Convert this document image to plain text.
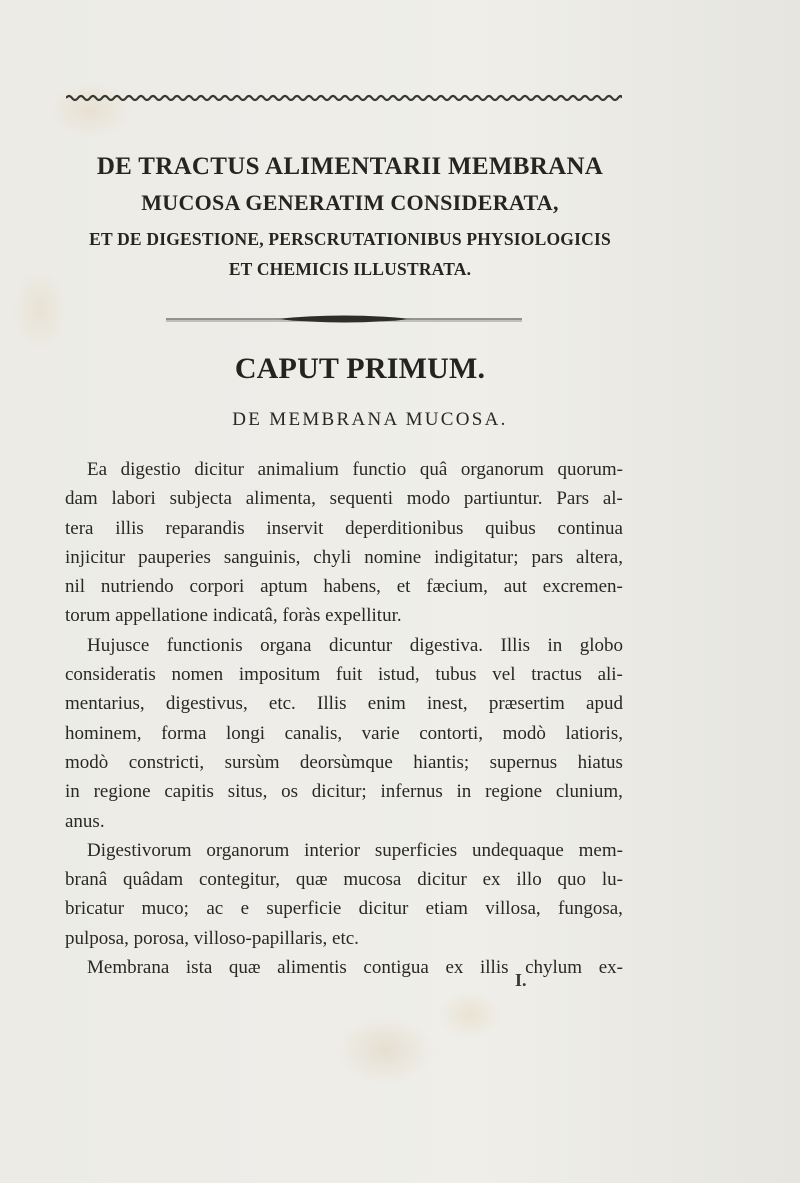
DE TRACTUS ALIMENTARII MEMBRANA
MUCOSA GENERATIM CONSIDERATA,
ET DE DIGESTIONE, PERSCRUTATIONIBUS PHYSIOLOGICIS
ET CHEMICIS ILLUSTRATA.
CAPUT PRIMUM.
DE MEMBRANA MUCOSA.
Ea digestio dicitur animalium functio quâ organorum quorum-
dam labori subjecta alimenta, sequenti modo partiuntur. Pars al-
tera illis reparandis inservit deperditionibus quibus continua
injicitur pauperies sanguinis, chyli nomine indigitatur; pars altera,
nil nutriendo corpori aptum habens, et fæcium, aut excremen-
torum appellatione indicatâ, foràs expellitur.
Hujusce functionis organa dicuntur digestiva. Illis in globo
consideratis nomen impositum fuit istud, tubus vel tractus ali-
mentarius, digestivus, etc. Illis enim inest, præsertim apud
hominem, forma longi canalis, varie contorti, modò latioris,
modò constricti, sursùm deorsùmque hiantis; supernus hiatus
in regione capitis situs, os dicitur; infernus in regione clunium,
anus.
Digestivorum organorum interior superficies undequaque mem-
branâ quâdam contegitur, quæ mucosa dicitur ex illo quo lu-
bricatur muco; ac e superficie dicitur etiam villosa, fungosa,
pulposa, porosa, villoso-papillaris, etc.
Membrana ista quæ alimentis contigua ex illis chylum ex-
I.
